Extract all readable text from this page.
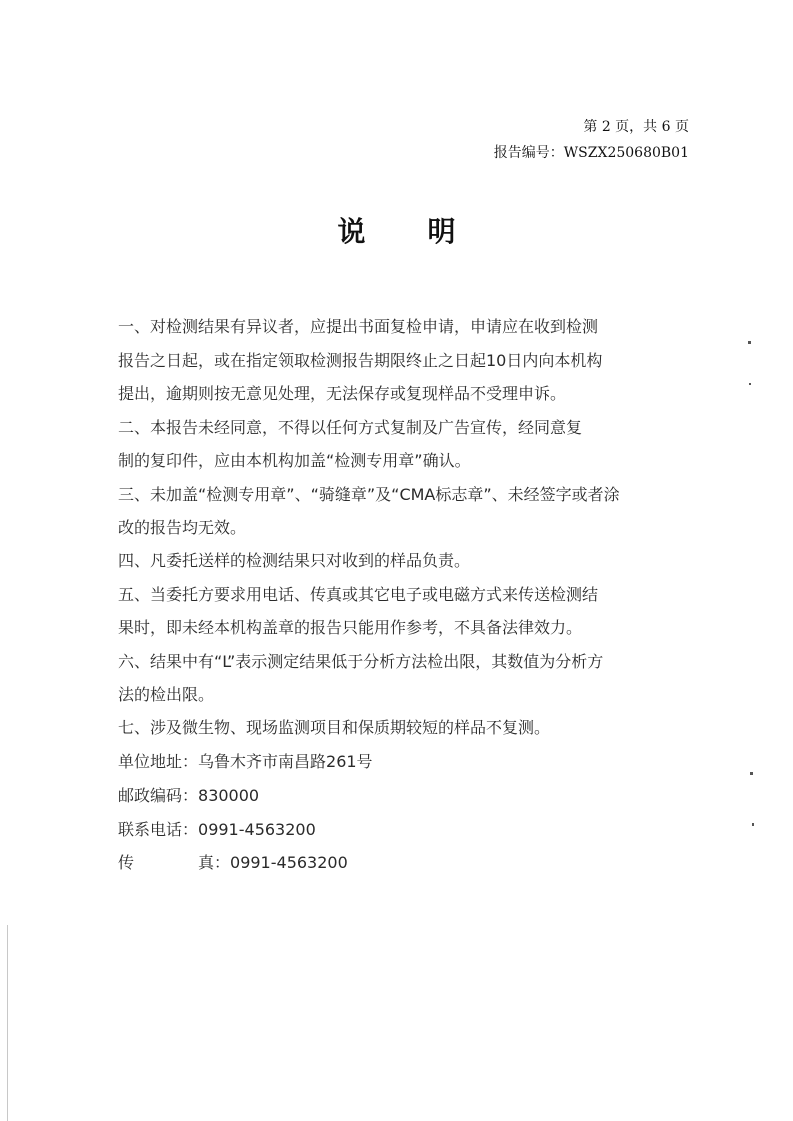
第 2 页，共 6 页
报告编号：WSZX250680B01
说明
一、对检测结果有异议者，应提出书面复检申请，申请应在收到检测
报告之日起，或在指定领取检测报告期限终止之日起10日内向本机构
提出，逾期则按无意见处理，无法保存或复现样品不受理申诉。
二、本报告未经同意，不得以任何方式复制及广告宣传，经同意复
制的复印件，应由本机构加盖“检测专用章”确认。
三、未加盖“检测专用章”、“骑缝章”及“CMA标志章”、未经签字或者涂
改的报告均无效。
四、凡委托送样的检测结果只对收到的样品负责。
五、当委托方要求用电话、传真或其它电子或电磁方式来传送检测结
果时，即未经本机构盖章的报告只能用作参考，不具备法律效力。
六、结果中有“L”表示测定结果低于分析方法检出限，其数值为分析方
法的检出限。
七、涉及微生物、现场监测项目和保质期较短的样品不复测。
单位地址：乌鲁木齐市南昌路261号
邮政编码：830000
联系电话：0991-4563200
传	真：0991-4563200
